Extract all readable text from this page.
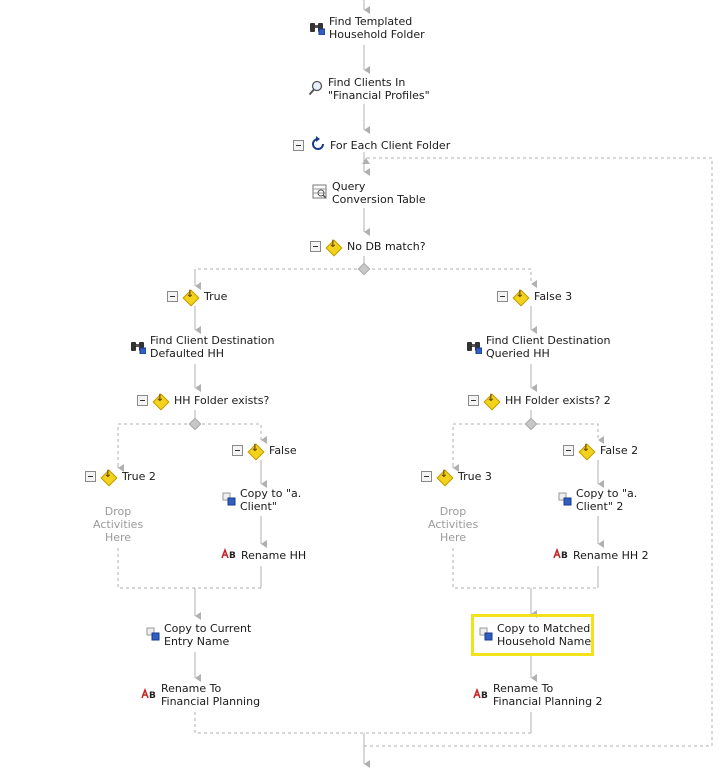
Find Templated
Household Folder
Find Clients In
"Financial Profiles"
For Each Client Folder
Query
Conversion Table
↓
No DB match?
↓
True ↓	False 3
Find Client Destination
Defaulted HH
Find Client Destination
Queried HH
↓
HH Folder exists? ↓	HH Folder exists? 2
↓
True 2
↓
False
↓
True 3
↓
False 2
Drop
Activities
Here
Drop
Activities
Here
Copy to "a.
Client"
Copy to "a.
Client" 2
B Rename HH	B Rename HH 2
Copy to Current
Entry Name
Copy to Matched
Household Name
B
Rename To
Financial Planning	B
Rename To
Financial Planning 2
